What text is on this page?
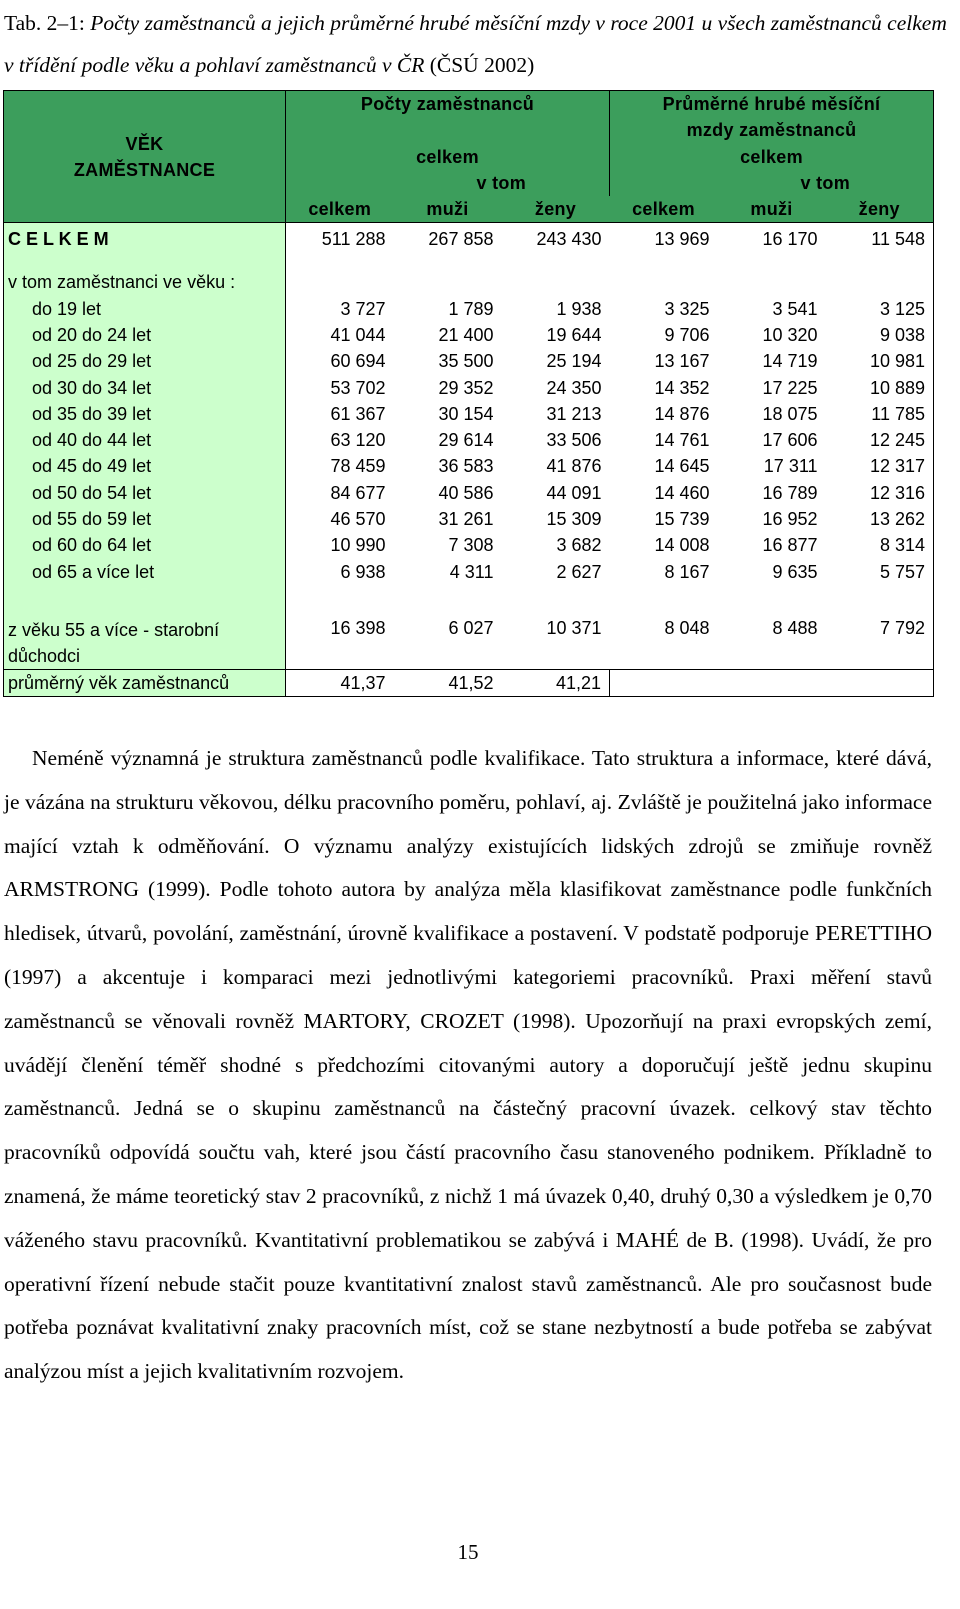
Tab. 2–1: Počty zaměstnanců a jejich průměrné hrubé měsíční mzdy v roce 2001 u všech zaměstnanců celkem v třídění podle věku a pohlaví zaměstnanců v ČR (ČSÚ 2002)
VĚK
ZAMĚSTNANCE	Počty zaměstnanců			Průměrné hrubé měsíční		
				mzdy zaměstnanců		
	celkem			celkem		
		v tom			v tom	
	celkem	muži	ženy	celkem	muži	ženy
C E L K E M	511 288	267 858	243 430	13 969	16 170	11 548
v tom zaměstnanci ve věku :						
do 19 let	3 727	1 789	1 938	3 325	3 541	3 125
od 20 do 24 let	41 044	21 400	19 644	9 706	10 320	9 038
od 25 do 29 let	60 694	35 500	25 194	13 167	14 719	10 981
od 30 do 34 let	53 702	29 352	24 350	14 352	17 225	10 889
od 35 do 39 let	61 367	30 154	31 213	14 876	18 075	11 785
od 40 do 44 let	63 120	29 614	33 506	14 761	17 606	12 245
od 45 do 49 let	78 459	36 583	41 876	14 645	17 311	12 317
od 50 do 54 let	84 677	40 586	44 091	14 460	16 789	12 316
od 55 do 59 let	46 570	31 261	15 309	15 739	16 952	13 262
od 60 do 64 let	10 990	7 308	3 682	14 008	16 877	8 314
od 65 a více let	6 938	4 311	2 627	8 167	9 635	5 757

z věku 55 a více - starobní
důchodci	16 398	6 027	10 371	8 048	8 488	7 792
průměrný věk zaměstnanců	41,37	41,52	41,21			

Neméně významná je struktura zaměstnanců podle kvalifikace. Tato struktura a informace, které dává, je vázána na strukturu věkovou, délku pracovního poměru, pohlaví, aj. Zvláště je použitelná jako informace mající vztah k odměňování. O významu analýzy existujících lidských zdrojů se zmiňuje rovněž ARMSTRONG (1999). Podle tohoto autora by analýza měla klasifikovat zaměstnance podle funkčních hledisek, útvarů, povolání, zaměstnání, úrovně kvalifikace a postavení. V podstatě podporuje PERETTIHO (1997) a akcentuje i komparaci mezi jednotlivými kategoriemi pracovníků. Praxi měření stavů zaměstnanců se věnovali rovněž MARTORY, CROZET (1998). Upozorňují na praxi evropských zemí, uvádějí členění téměř shodné s předchozími citovanými autory a doporučují ještě jednu skupinu zaměstnanců. Jedná se o skupinu zaměstnanců na částečný pracovní úvazek. celkový stav těchto pracovníků odpovídá součtu vah, které jsou částí pracovního času stanoveného podnikem. Příkladně to znamená, že máme teoretický stav 2 pracovníků, z nichž 1 má úvazek 0,40, druhý 0,30 a výsledkem je 0,70 váženého stavu pracovníků. Kvantitativní problematikou se zabývá i MAHÉ de B. (1998). Uvádí, že pro operativní řízení nebude stačit pouze kvantitativní znalost stavů zaměstnanců. Ale pro současnost bude potřeba poznávat kvalitativní znaky pracovních míst, což se stane nezbytností a bude potřeba se zabývat analýzou míst a jejich kvalitativním rozvojem.

15
